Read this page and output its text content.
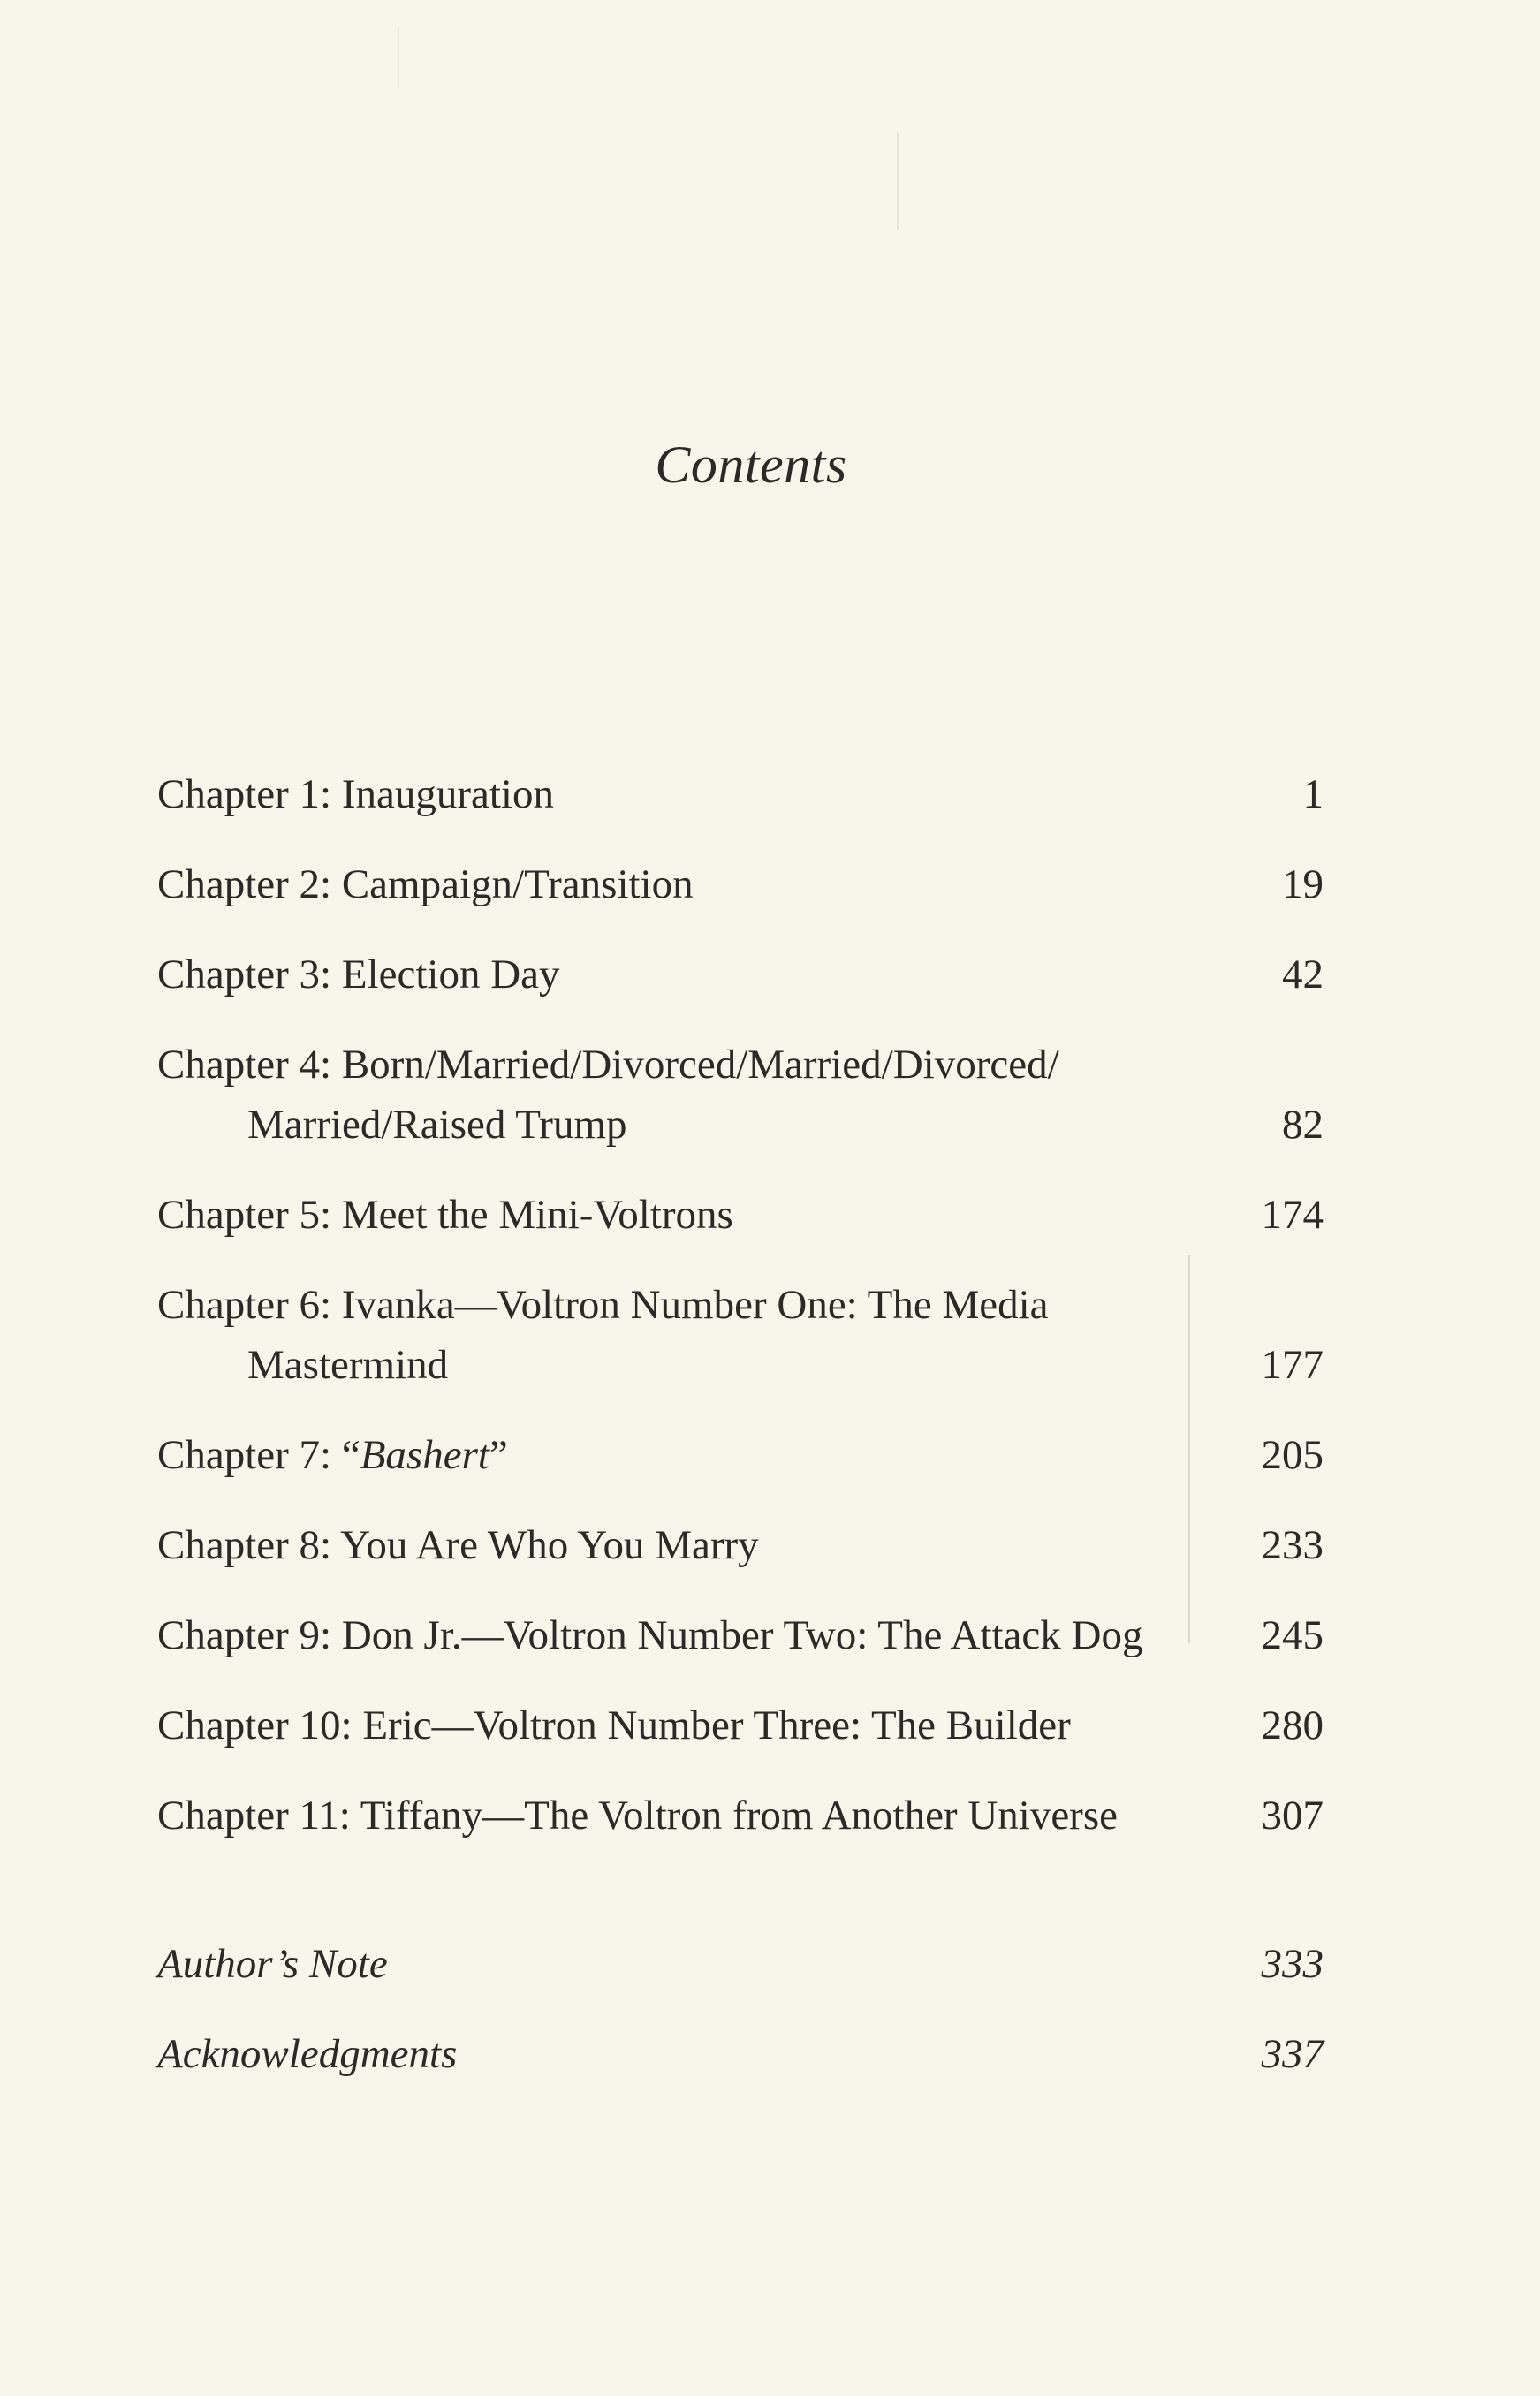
Contents
Chapter 1: Inauguration	1
Chapter 2: Campaign/Transition	19
Chapter 3: Election Day	42
Chapter 4: Born/Married/Divorced/Married/Divorced/
Married/Raised Trump	82
Chapter 5: Meet the Mini-Voltrons	174
Chapter 6: Ivanka—Voltron Number One: The Media
Mastermind	177
Chapter 7: “Bashert”	205
Chapter 8: You Are Who You Marry	233
Chapter 9: Don Jr.—Voltron Number Two: The Attack Dog	245
Chapter 10: Eric—Voltron Number Three: The Builder	280
Chapter 11: Tiffany—The Voltron from Another Universe	307
Author’s Note	333
Acknowledgments	337
